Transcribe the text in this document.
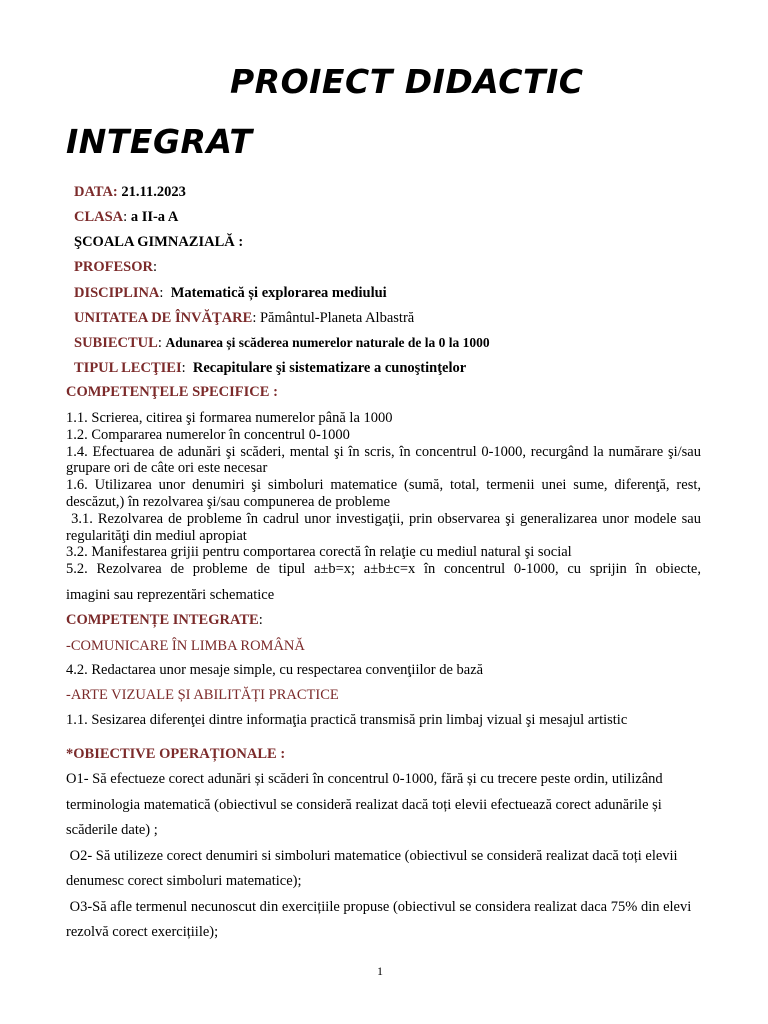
PROIECT DIDACTIC
INTEGRAT
DATA: 21.11.2023
CLASA: a II-a A
ŞCOALA GIMNAZIALĂ :
PROFESOR:
DISCIPLINA:  Matematică și explorarea mediului
UNITATEA DE ÎNVĂŢARE: Pământul-Planeta Albastră
SUBIECTUL: Adunarea și scăderea numerelor naturale de la 0 la 1000
TIPUL LECŢIEI:  Recapitulare şi sistematizare a cunoştinţelor
COMPETENŢELE SPECIFICE :

1.1. Scrierea, citirea şi formarea numerelor până la 1000

1.2. Compararea numerelor în concentrul 0-1000

1.4. Efectuarea de adunări şi scăderi, mental şi în scris, în concentrul 0-1000, recurgând la numărare şi/sau grupare ori de câte ori este necesar

1.6. Utilizarea unor denumiri şi simboluri matematice (sumă, total, termenii unei sume, diferenţă, rest, descăzut,) în rezolvarea şi/sau compunerea de probleme

3.1. Rezolvarea de probleme în cadrul unor investigaţii, prin observarea şi generalizarea unor modele sau regularităţi din mediul apropiat

3.2. Manifestarea grijii pentru comportarea corectă în relaţie cu mediul natural şi social

5.2. Rezolvarea de probleme de tipul a±b=x; a±b±c=x în concentrul 0-1000, cu sprijin în obiecte,

imagini sau reprezentări schematice
COMPETENȚE INTEGRATE:
-COMUNICARE ÎN LIMBA ROMÂNĂ
4.2. Redactarea unor mesaje simple, cu respectarea convenţiilor de bază
-ARTE VIZUALE ȘI ABILITĂȚI PRACTICE
1.1. Sesizarea diferenţei dintre informaţia practică transmisă prin limbaj vizual şi mesajul artistic
*OBIECTIVE OPERAȚIONALE :

O1- Să efectueze corect adunări și scăderi în concentrul 0-1000, fără și cu trecere peste ordin, utilizând terminologia matematică (obiectivul se consideră realizat dacă toți elevii efectuează corect adunările și scăderile date) ;

O2- Să utilizeze corect denumiri si simboluri matematice (obiectivul se consideră realizat dacă toți elevii denumesc corect simboluri matematice);

O3-Să afle termenul necunoscut din exercițiile propuse (obiectivul se considera realizat daca 75% din elevi rezolvă corect exercițiile);

1
